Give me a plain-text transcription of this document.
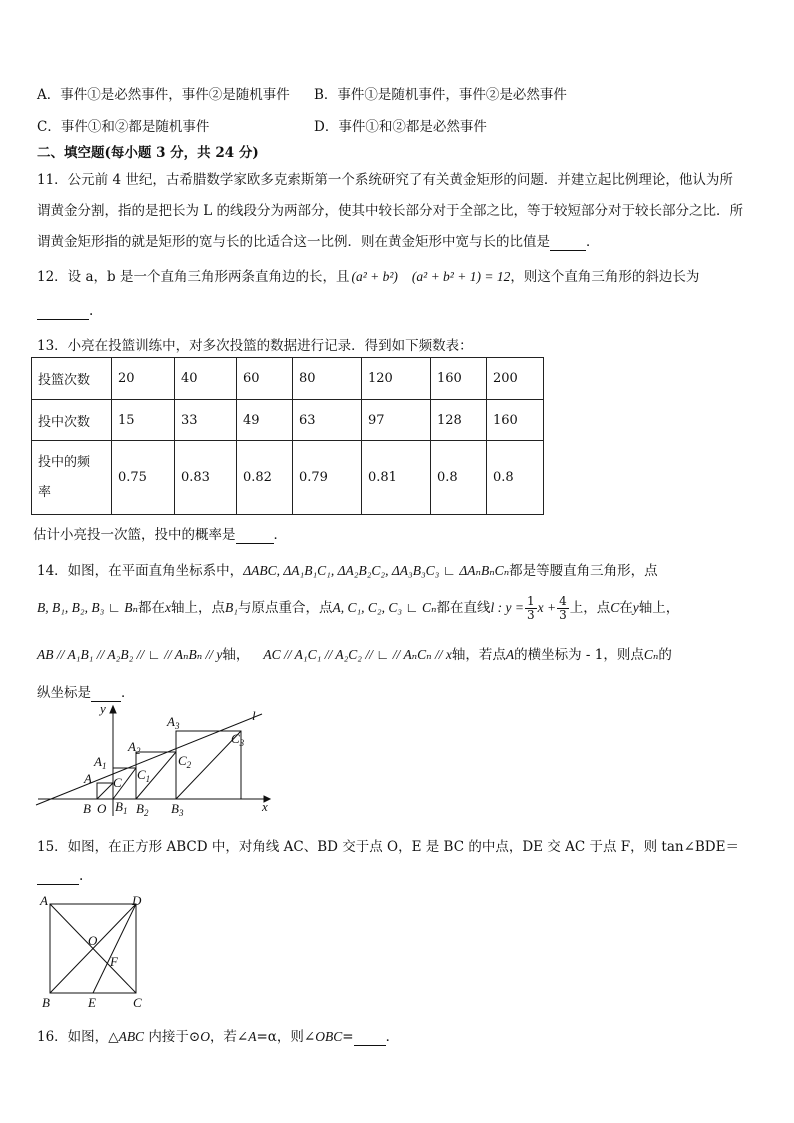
A．事件①是必然事件，事件②是随机事件 B．事件①是随机事件，事件②是必然事件
C．事件①和②都是随机事件	D．事件①和②都是必然事件
二、填空题(每小题 3 分，共 24 分)
11．公元前 4 世纪，古希腊数学家欧多克索斯第一个系统研究了有关黄金矩形的问题．并建立起比例理论，他认为所
谓黄金分割，指的是把长为 L 的线段分为两部分，使其中较长部分对于全部之比，等于较短部分对于较长部分之比．所
谓黄金矩形指的就是矩形的宽与长的比适合这一比例．则在黄金矩形中宽与长的比值是	．
12．设 a，b 是一个直角三角形两条直角边的长，且 (a² + b²) (a² + b² + 1) = 12，则这个直角三角形的斜边长为
.
13．小亮在投篮训练中，对多次投篮的数据进行记录．得到如下频数表：
投篮次数	20	40	60	80	120	160	200
投中次数	15	33	49	63	97	128	160

投中的频
率	0.75	0.83	0.82	0.79	0.81	0.8	0.8
估计小亮投一次篮，投中的概率是	．
14．如图，在平面直角坐标系中，ΔABC, ΔA₁B₁C₁, ΔA₂B₂C₂, ΔA₃B₃C₃ ∟ ΔAₙBₙCₙ都是等腰直角三角形，点
B, B₁, B₂, B₃ ∟ Bₙ都在x轴上，点B₁与原点重合，点A, C₁, C₂, C₃ ∟ Cₙ都在直线l : $y = \frac{1}{3}$ $x + \frac{4}{3}$ 上，点C在y轴上，
AB // A₁B₁ // A₂B₂ // ∟ // AₙBₙ // y轴， AC // A₁C₁ // A₂C₂ // ∟ // AₙCₙ // x轴，若点A的横坐标为 - 1，则点Cₙ的
纵坐标是 ．
y
x
l
A
$A_1$
$A_2$
$A_3$
B O $B_1$ $B_2$ $B_3$
C
$C_1$
$C_2$
$C_3$
15．如图，在正方形 ABCD 中，对角线 AC、BD 交于点 O，E 是 BC 的中点，DE 交 AC 于点 F，则 tan∠BDE＝
.
A	D
O
F
B	E	C
16．如图，△ABC 内接于⊙O，若∠A=α，则∠OBC= ．
